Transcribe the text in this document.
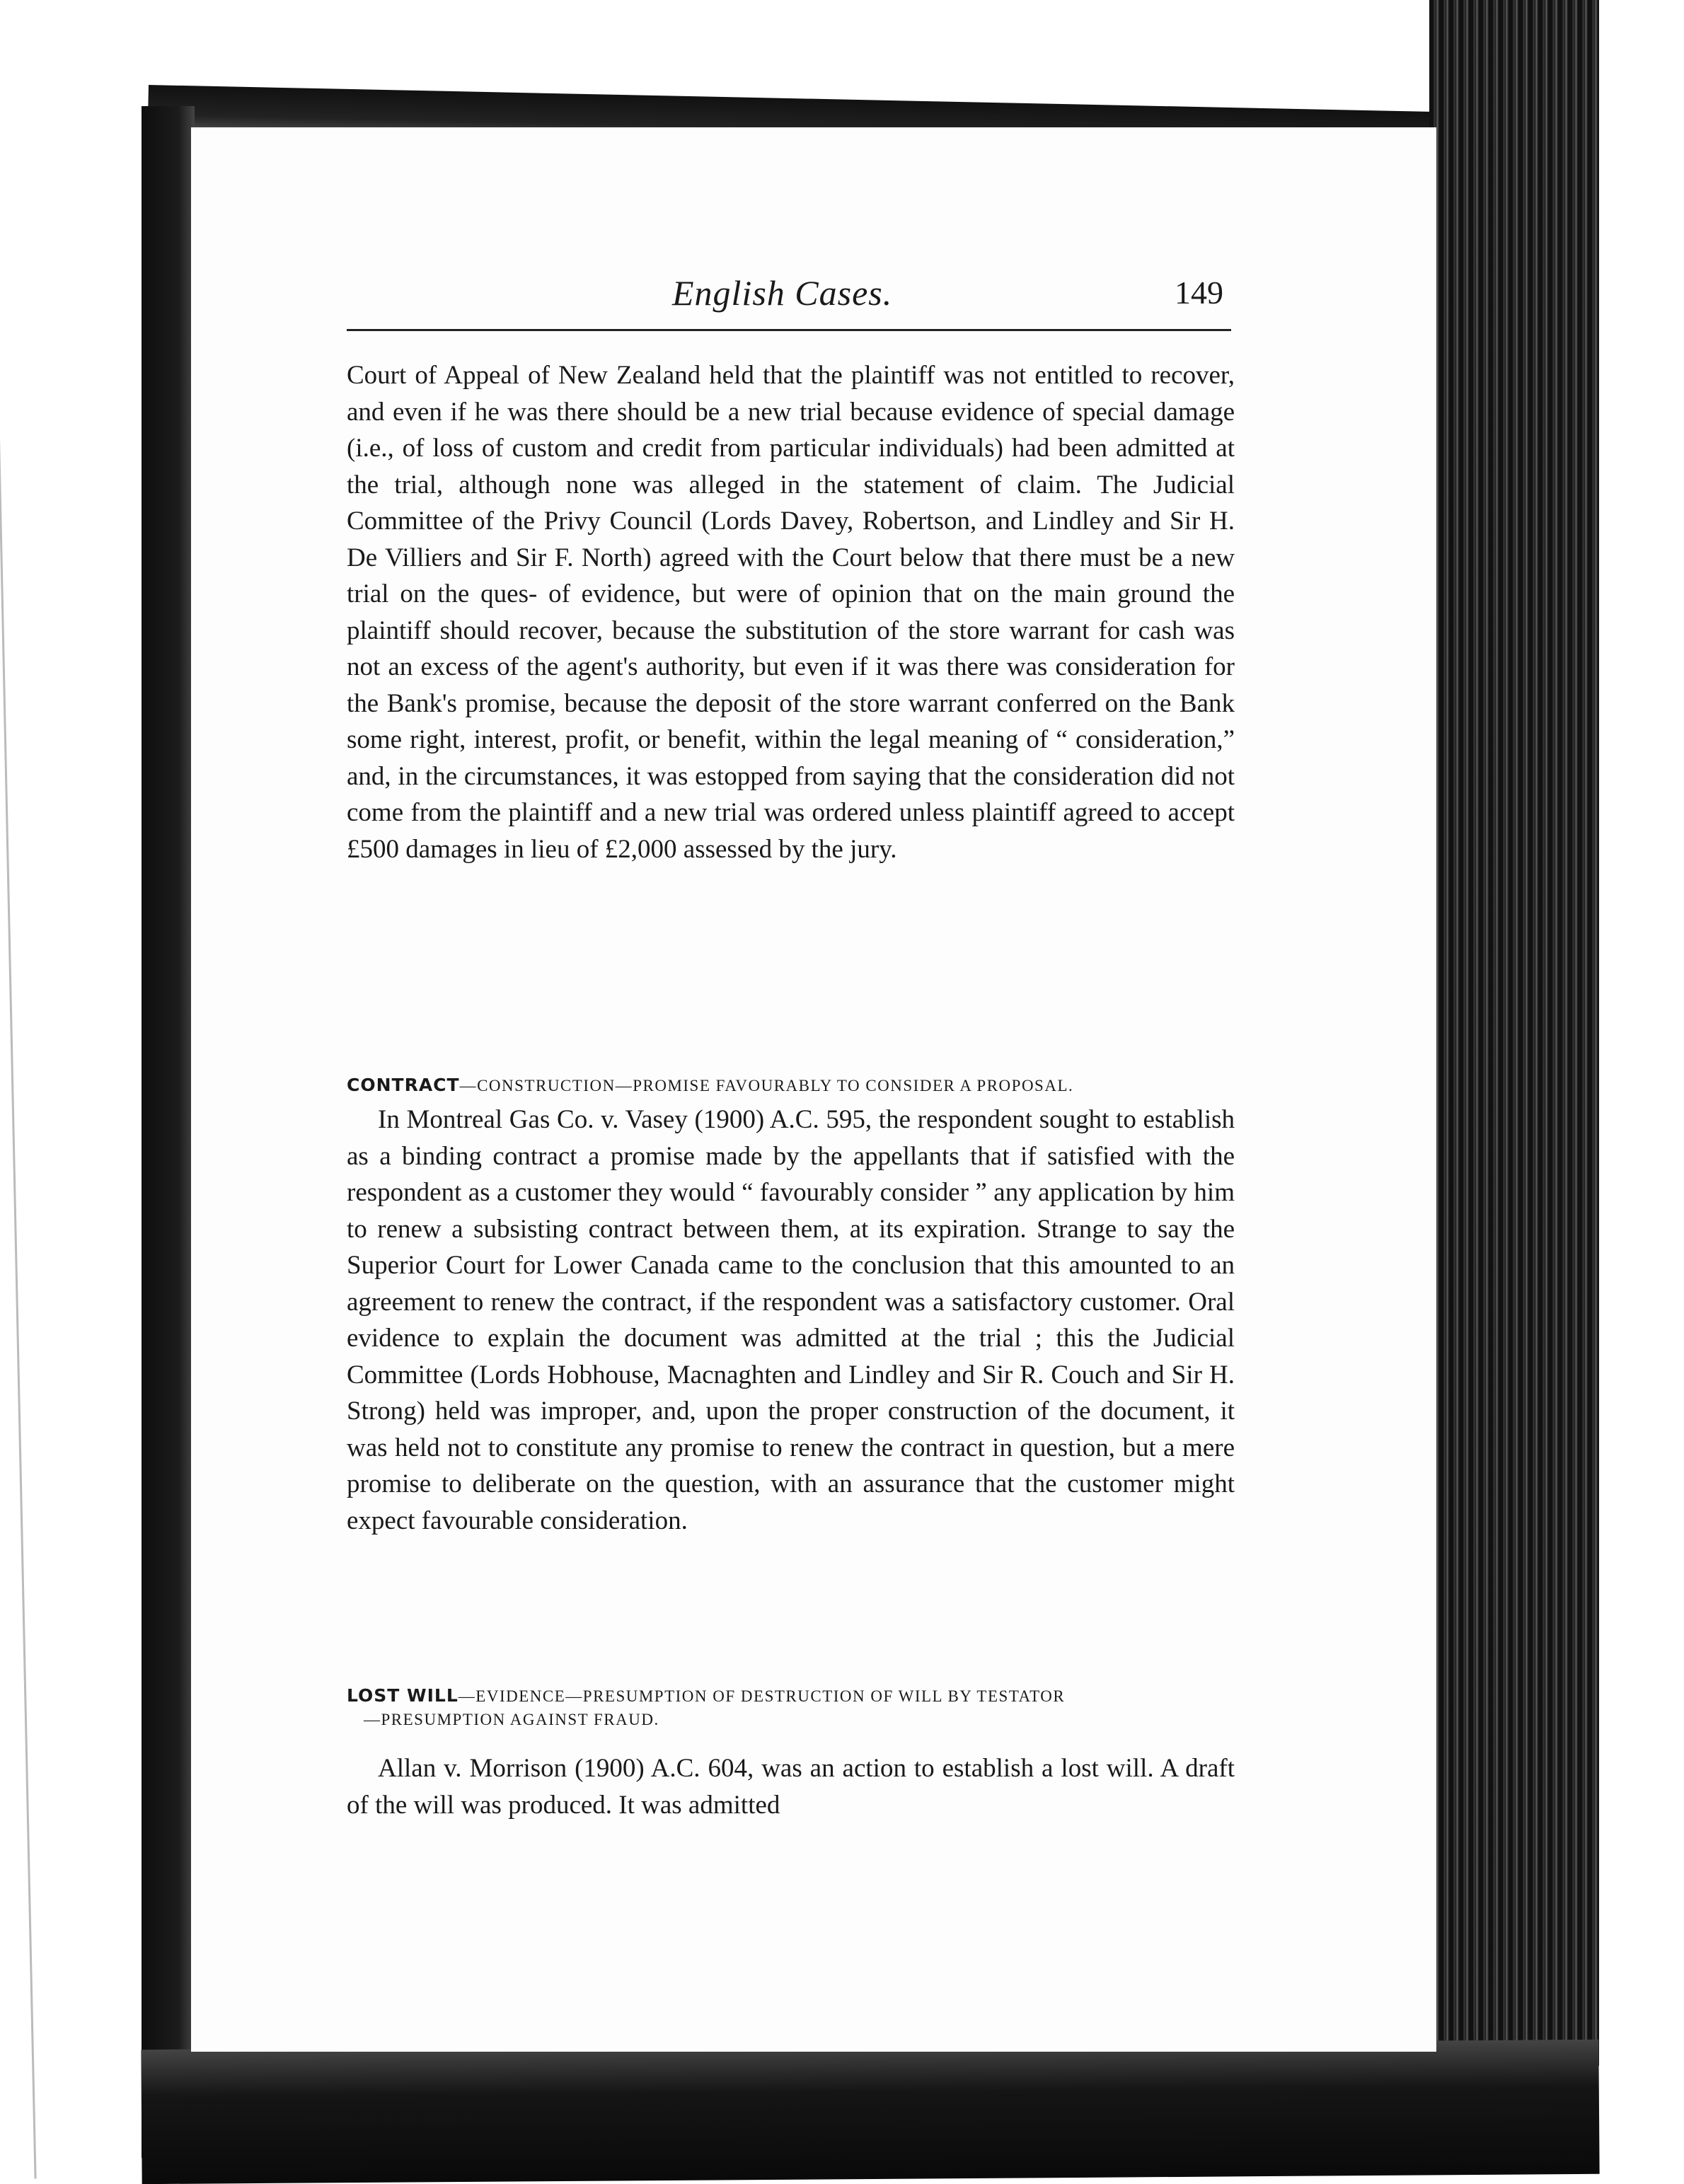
English Cases.	149

Court of Appeal of New Zealand held that the plaintiff was not entitled to recover, and even if he was there should be a new trial because evidence of special damage (i.e., of loss of custom and credit from particular individuals) had been admitted at the trial, although none was alleged in the statement of claim. The Judicial Committee of the Privy Council (Lords Davey, Robertson, and Lindley and Sir H. De Villiers and Sir F. North) agreed with the Court below that there must be a new trial on the ques- of evidence, but were of opinion that on the main ground the plaintiff should recover, because the substitution of the store warrant for cash was not an excess of the agent's authority, but even if it was there was consideration for the Bank's promise, because the deposit of the store warrant conferred on the Bank some right, interest, profit, or benefit, within the legal meaning of “ consideration,” and, in the circumstances, it was estopped from saying that the consideration did not come from the plaintiff and a new trial was ordered unless plaintiff agreed to accept £500 damages in lieu of £2,000 assessed by the jury.

CONTRACT—CONSTRUCTION—PROMISE FAVOURABLY TO CONSIDER A PROPOSAL.

In Montreal Gas Co. v. Vasey (1900) A.C. 595, the respondent sought to establish as a binding contract a promise made by the appellants that if satisfied with the respondent as a customer they would “ favourably consider ” any application by him to renew a subsisting contract between them, at its expiration. Strange to say the Superior Court for Lower Canada came to the conclusion that this amounted to an agreement to renew the contract, if the respondent was a satisfactory customer. Oral evidence to explain the document was admitted at the trial ; this the Judicial Committee (Lords Hobhouse, Macnaghten and Lindley and Sir R. Couch and Sir H. Strong) held was improper, and, upon the proper construction of the document, it was held not to constitute any promise to renew the contract in question, but a mere promise to deliberate on the question, with an assurance that the customer might expect favourable consideration.

LOST WILL—EVIDENCE—PRESUMPTION OF DESTRUCTION OF WILL BY TESTATOR
—PRESUMPTION AGAINST FRAUD.

Allan v. Morrison (1900) A.C. 604, was an action to establish a lost will. A draft of the will was produced. It was admitted
